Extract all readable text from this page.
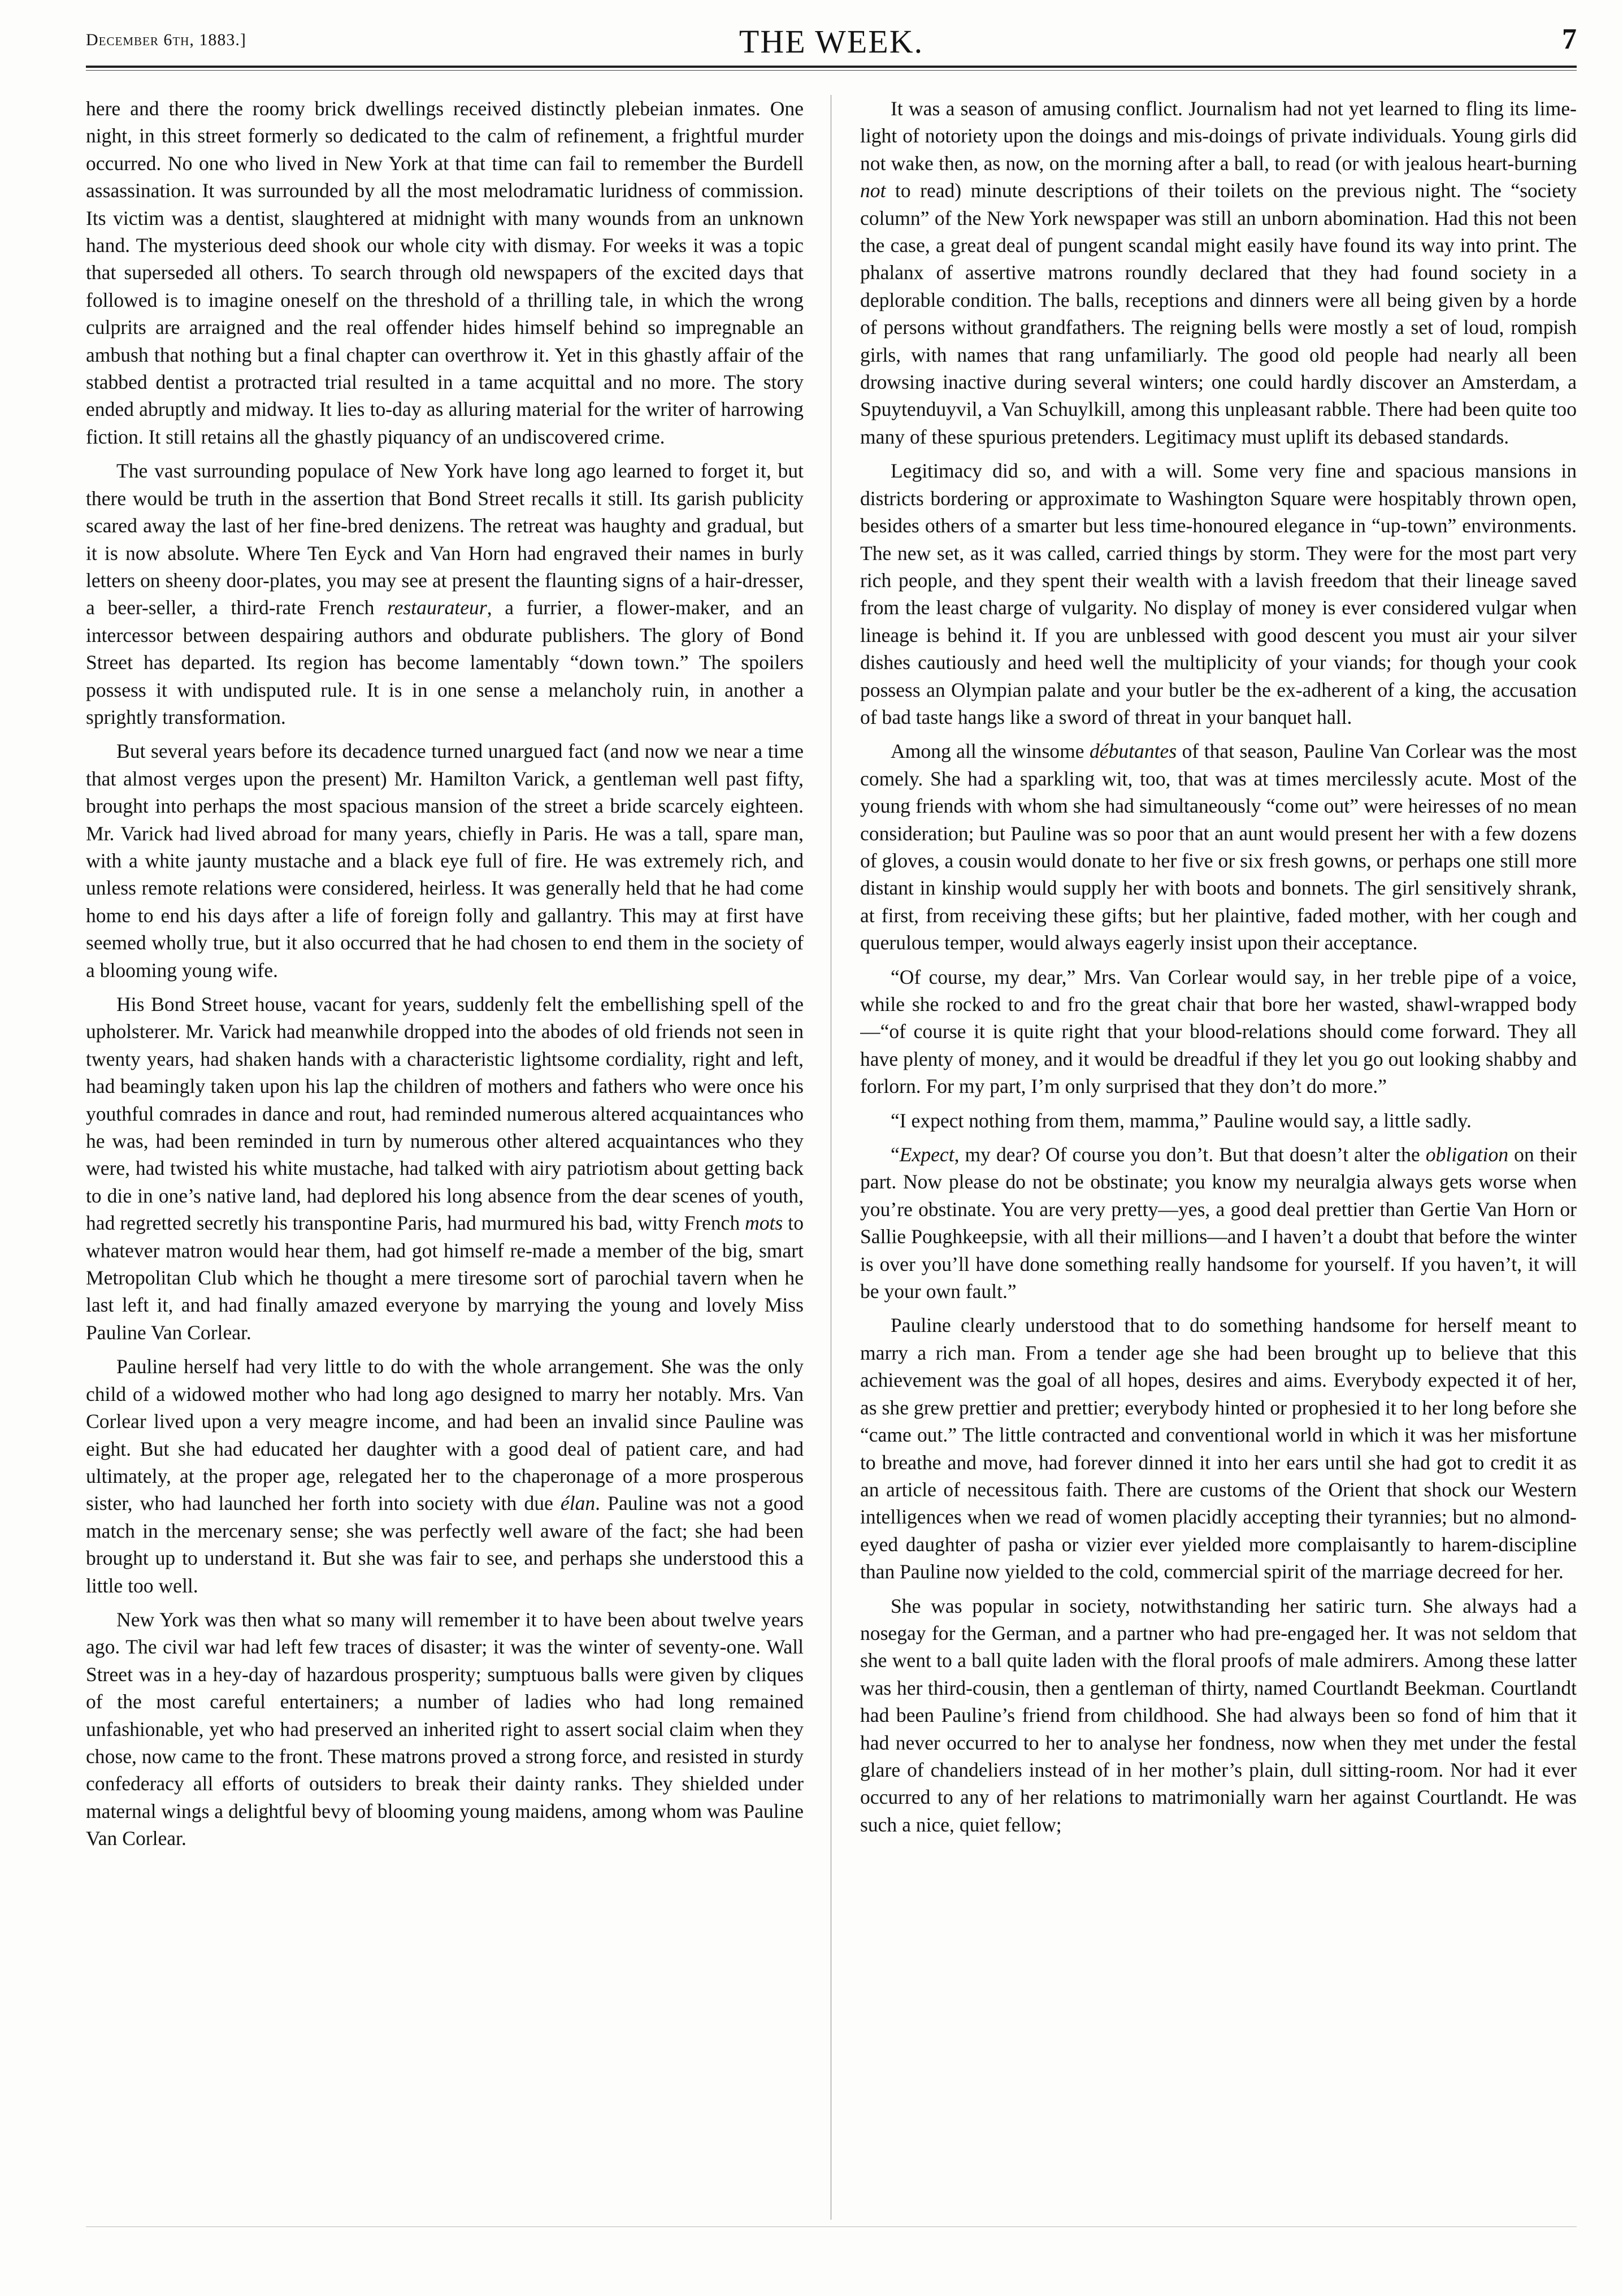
December 6th, 1883.]	THE WEEK.	7

here and there the roomy brick dwellings received distinctly plebeian inmates. One night, in this street formerly so dedicated to the calm of refinement, a frightful murder occurred. No one who lived in New York at that time can fail to remember the Burdell assassination. It was surrounded by all the most melodramatic luridness of commission. Its victim was a dentist, slaughtered at midnight with many wounds from an unknown hand. The mysterious deed shook our whole city with dismay. For weeks it was a topic that superseded all others. To search through old newspapers of the excited days that followed is to imagine oneself on the threshold of a thrilling tale, in which the wrong culprits are arraigned and the real offender hides himself behind so impregnable an ambush that nothing but a final chapter can overthrow it. Yet in this ghastly affair of the stabbed dentist a protracted trial resulted in a tame acquittal and no more. The story ended abruptly and midway. It lies to-day as alluring material for the writer of harrowing fiction. It still retains all the ghastly piquancy of an undiscovered crime.

The vast surrounding populace of New York have long ago learned to forget it, but there would be truth in the assertion that Bond Street recalls it still. Its garish publicity scared away the last of her fine-bred denizens. The retreat was haughty and gradual, but it is now absolute. Where Ten Eyck and Van Horn had engraved their names in burly letters on sheeny door-plates, you may see at present the flaunting signs of a hair-dresser, a beer-seller, a third-rate French restaurateur, a furrier, a flower-maker, and an intercessor between despairing authors and obdurate publishers. The glory of Bond Street has departed. Its region has become lamentably “down town.” The spoilers possess it with undisputed rule. It is in one sense a melancholy ruin, in another a sprightly transformation.

But several years before its decadence turned unargued fact (and now we near a time that almost verges upon the present) Mr. Hamilton Varick, a gentleman well past fifty, brought into perhaps the most spacious mansion of the street a bride scarcely eighteen. Mr. Varick had lived abroad for many years, chiefly in Paris. He was a tall, spare man, with a white jaunty mustache and a black eye full of fire. He was extremely rich, and unless remote relations were considered, heirless. It was generally held that he had come home to end his days after a life of foreign folly and gallantry. This may at first have seemed wholly true, but it also occurred that he had chosen to end them in the society of a blooming young wife.

His Bond Street house, vacant for years, suddenly felt the embellishing spell of the upholsterer. Mr. Varick had meanwhile dropped into the abodes of old friends not seen in twenty years, had shaken hands with a characteristic lightsome cordiality, right and left, had beamingly taken upon his lap the children of mothers and fathers who were once his youthful comrades in dance and rout, had reminded numerous altered acquaintances who he was, had been reminded in turn by numerous other altered acquaintances who they were, had twisted his white mustache, had talked with airy patriotism about getting back to die in one’s native land, had deplored his long absence from the dear scenes of youth, had regretted secretly his transpontine Paris, had murmured his bad, witty French mots to whatever matron would hear them, had got himself re-made a member of the big, smart Metropolitan Club which he thought a mere tiresome sort of parochial tavern when he last left it, and had finally amazed everyone by marrying the young and lovely Miss Pauline Van Corlear.

Pauline herself had very little to do with the whole arrangement. She was the only child of a widowed mother who had long ago designed to marry her notably. Mrs. Van Corlear lived upon a very meagre income, and had been an invalid since Pauline was eight. But she had educated her daughter with a good deal of patient care, and had ultimately, at the proper age, relegated her to the chaperonage of a more prosperous sister, who had launched her forth into society with due élan. Pauline was not a good match in the mercenary sense; she was perfectly well aware of the fact; she had been brought up to understand it. But she was fair to see, and perhaps she understood this a little too well.

New York was then what so many will remember it to have been about twelve years ago. The civil war had left few traces of disaster; it was the winter of seventy-one. Wall Street was in a hey-day of hazardous prosperity; sumptuous balls were given by cliques of the most careful entertainers; a number of ladies who had long remained unfashionable, yet who had preserved an inherited right to assert social claim when they chose, now came to the front. These matrons proved a strong force, and resisted in sturdy confederacy all efforts of outsiders to break their dainty ranks. They shielded under maternal wings a delightful bevy of blooming young maidens, among whom was Pauline Van Corlear.

It was a season of amusing conflict. Journalism had not yet learned to fling its lime-light of notoriety upon the doings and mis-doings of private individuals. Young girls did not wake then, as now, on the morning after a ball, to read (or with jealous heart-burning not to read) minute descriptions of their toilets on the previous night. The “society column” of the New York newspaper was still an unborn abomination. Had this not been the case, a great deal of pungent scandal might easily have found its way into print. The phalanx of assertive matrons roundly declared that they had found society in a deplorable condition. The balls, receptions and dinners were all being given by a horde of persons without grandfathers. The reigning bells were mostly a set of loud, rompish girls, with names that rang unfamiliarly. The good old people had nearly all been drowsing inactive during several winters; one could hardly discover an Amsterdam, a Spuytenduyvil, a Van Schuylkill, among this unpleasant rabble. There had been quite too many of these spurious pretenders. Legitimacy must uplift its debased standards.

Legitimacy did so, and with a will. Some very fine and spacious mansions in districts bordering or approximate to Washington Square were hospitably thrown open, besides others of a smarter but less time-honoured elegance in “up-town” environments. The new set, as it was called, carried things by storm. They were for the most part very rich people, and they spent their wealth with a lavish freedom that their lineage saved from the least charge of vulgarity. No display of money is ever considered vulgar when lineage is behind it. If you are unblessed with good descent you must air your silver dishes cautiously and heed well the multiplicity of your viands; for though your cook possess an Olympian palate and your butler be the ex-adherent of a king, the accusation of bad taste hangs like a sword of threat in your banquet hall.

Among all the winsome débutantes of that season, Pauline Van Corlear was the most comely. She had a sparkling wit, too, that was at times mercilessly acute. Most of the young friends with whom she had simultaneously “come out” were heiresses of no mean consideration; but Pauline was so poor that an aunt would present her with a few dozens of gloves, a cousin would donate to her five or six fresh gowns, or perhaps one still more distant in kinship would supply her with boots and bonnets. The girl sensitively shrank, at first, from receiving these gifts; but her plaintive, faded mother, with her cough and querulous temper, would always eagerly insist upon their acceptance.

“Of course, my dear,” Mrs. Van Corlear would say, in her treble pipe of a voice, while she rocked to and fro the great chair that bore her wasted, shawl-wrapped body—“of course it is quite right that your blood-relations should come forward. They all have plenty of money, and it would be dreadful if they let you go out looking shabby and forlorn. For my part, I’m only surprised that they don’t do more.”

“I expect nothing from them, mamma,” Pauline would say, a little sadly.

“Expect, my dear? Of course you don’t. But that doesn’t alter the obligation on their part. Now please do not be obstinate; you know my neuralgia always gets worse when you’re obstinate. You are very pretty—yes, a good deal prettier than Gertie Van Horn or Sallie Poughkeepsie, with all their millions—and I haven’t a doubt that before the winter is over you’ll have done something really handsome for yourself. If you haven’t, it will be your own fault.”

Pauline clearly understood that to do something handsome for herself meant to marry a rich man. From a tender age she had been brought up to believe that this achievement was the goal of all hopes, desires and aims. Everybody expected it of her, as she grew prettier and prettier; everybody hinted or prophesied it to her long before she “came out.” The little contracted and conventional world in which it was her misfortune to breathe and move, had forever dinned it into her ears until she had got to credit it as an article of necessitous faith. There are customs of the Orient that shock our Western intelligences when we read of women placidly accepting their tyrannies; but no almond-eyed daughter of pasha or vizier ever yielded more complaisantly to harem-discipline than Pauline now yielded to the cold, commercial spirit of the marriage decreed for her.

She was popular in society, notwithstanding her satiric turn. She always had a nosegay for the German, and a partner who had pre-engaged her. It was not seldom that she went to a ball quite laden with the floral proofs of male admirers. Among these latter was her third-cousin, then a gentleman of thirty, named Courtlandt Beekman. Courtlandt had been Pauline’s friend from childhood. She had always been so fond of him that it had never occurred to her to analyse her fondness, now when they met under the festal glare of chandeliers instead of in her mother’s plain, dull sitting-room. Nor had it ever occurred to any of her relations to matrimonially warn her against Courtlandt. He was such a nice, quiet fellow;
